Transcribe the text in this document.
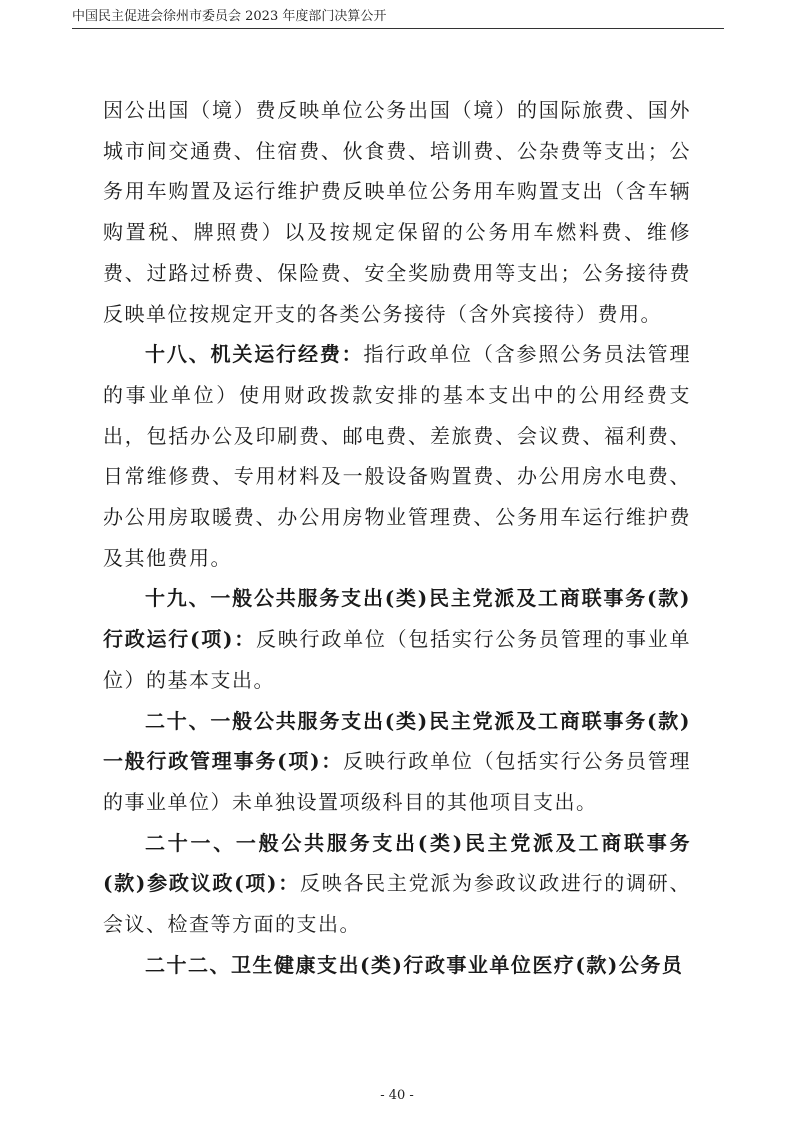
中国民主促进会徐州市委员会 2023 年度部门决算公开

因公出国（境）费反映单位公务出国（境）的国际旅费、国外城市间交通费、住宿费、伙食费、培训费、公杂费等支出；公务用车购置及运行维护费反映单位公务用车购置支出（含车辆购置税、牌照费）以及按规定保留的公务用车燃料费、维修费、过路过桥费、保险费、安全奖励费用等支出；公务接待费反映单位按规定开支的各类公务接待（含外宾接待）费用。

十八、机关运行经费：指行政单位（含参照公务员法管理的事业单位）使用财政拨款安排的基本支出中的公用经费支出，包括办公及印刷费、邮电费、差旅费、会议费、福利费、日常维修费、专用材料及一般设备购置费、办公用房水电费、办公用房取暖费、办公用房物业管理费、公务用车运行维护费及其他费用。

十九、一般公共服务支出(类)民主党派及工商联事务(款)行政运行(项)：反映行政单位（包括实行公务员管理的事业单位）的基本支出。

二十、一般公共服务支出(类)民主党派及工商联事务(款)一般行政管理事务(项)：反映行政单位（包括实行公务员管理的事业单位）未单独设置项级科目的其他项目支出。

二十一、一般公共服务支出(类)民主党派及工商联事务(款)参政议政(项)：反映各民主党派为参政议政进行的调研、会议、检查等方面的支出。

二十二、卫生健康支出(类)行政事业单位医疗(款)公务员

- 40 -
